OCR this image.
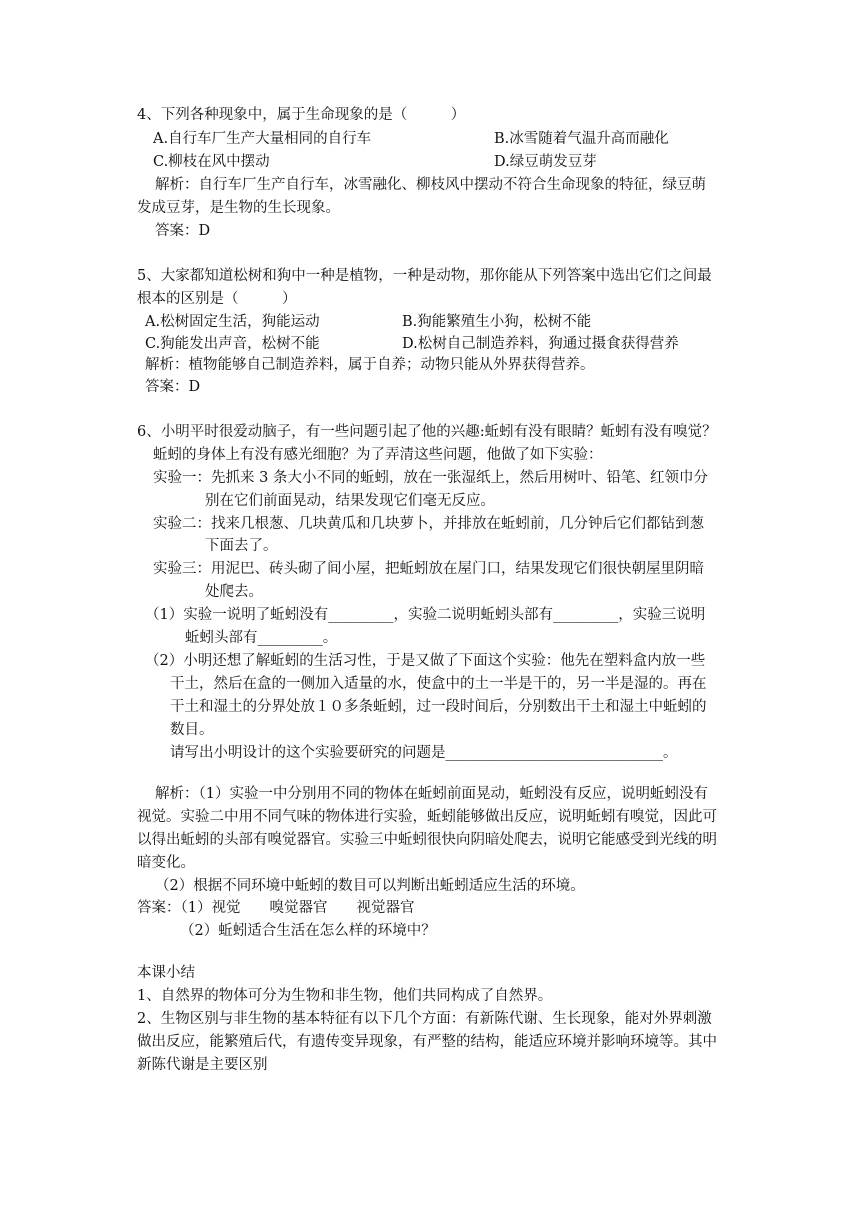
4、下列各种现象中，属于生命现象的是（　　　）
A.自行车厂生产大量相同的自行车	B.冰雪随着气温升高而融化
C.柳枝在风中摆动	D.绿豆萌发豆芽
解析：自行车厂生产自行车，冰雪融化、柳枝风中摆动不符合生命现象的特征，绿豆萌
发成豆芽，是生物的生长现象。
答案：D
5、大家都知道松树和狗中一种是植物，一种是动物，那你能从下列答案中选出它们之间最
根本的区别是（　　　）
A.松树固定生活，狗能运动	B.狗能繁殖生小狗，松树不能
C.狗能发出声音，松树不能	D.松树自己制造养料，狗通过摄食获得营养
解析：植物能够自己制造养料，属于自养；动物只能从外界获得营养。
答案：D
6、小明平时很爱动脑子，有一些问题引起了他的兴趣:蚯蚓有没有眼睛？蚯蚓有没有嗅觉？
蚯蚓的身体上有没有感光细胞？为了弄清这些问题，他做了如下实验：
实验一：先抓来 3 条大小不同的蚯蚓，放在一张湿纸上，然后用树叶、铅笔、红领巾分
别在它们前面晃动，结果发现它们毫无反应。
实验二：找来几根葱、几块黄瓜和几块萝卜，并排放在蚯蚓前，几分钟后它们都钻到葱
下面去了。
实验三：用泥巴、砖头砌了间小屋，把蚯蚓放在屋门口，结果发现它们很快朝屋里阴暗
处爬去。
（1）实验一说明了蚯蚓没有_________，实验二说明蚯蚓头部有_________，实验三说明
蚯蚓头部有_________。
（2）小明还想了解蚯蚓的生活习性，于是又做了下面这个实验：他先在塑料盒内放一些
干土，然后在盒的一侧加入适量的水，使盒中的土一半是干的，另一半是湿的。再在
干土和湿土的分界处放１０多条蚯蚓，过一段时间后，分别数出干土和湿土中蚯蚓的
数目。
请写出小明设计的这个实验要研究的问题是______________________________。
解析：（1）实验一中分别用不同的物体在蚯蚓前面晃动，蚯蚓没有反应，说明蚯蚓没有
视觉。实验二中用不同气味的物体进行实验，蚯蚓能够做出反应，说明蚯蚓有嗅觉，因此可
以得出蚯蚓的头部有嗅觉器官。实验三中蚯蚓很快向阴暗处爬去，说明它能感受到光线的明
暗变化。
（2）根据不同环境中蚯蚓的数目可以判断出蚯蚓适应生活的环境。
答案：（1）视觉　　嗅觉器官　　视觉器官
（2）蚯蚓适合生活在怎么样的环境中？
本课小结
1、自然界的物体可分为生物和非生物，他们共同构成了自然界。
2、生物区别与非生物的基本特征有以下几个方面：有新陈代谢、生长现象，能对外界刺激
做出反应，能繁殖后代，有遗传变异现象，有严整的结构，能适应环境并影响环境等。其中
新陈代谢是主要区别
